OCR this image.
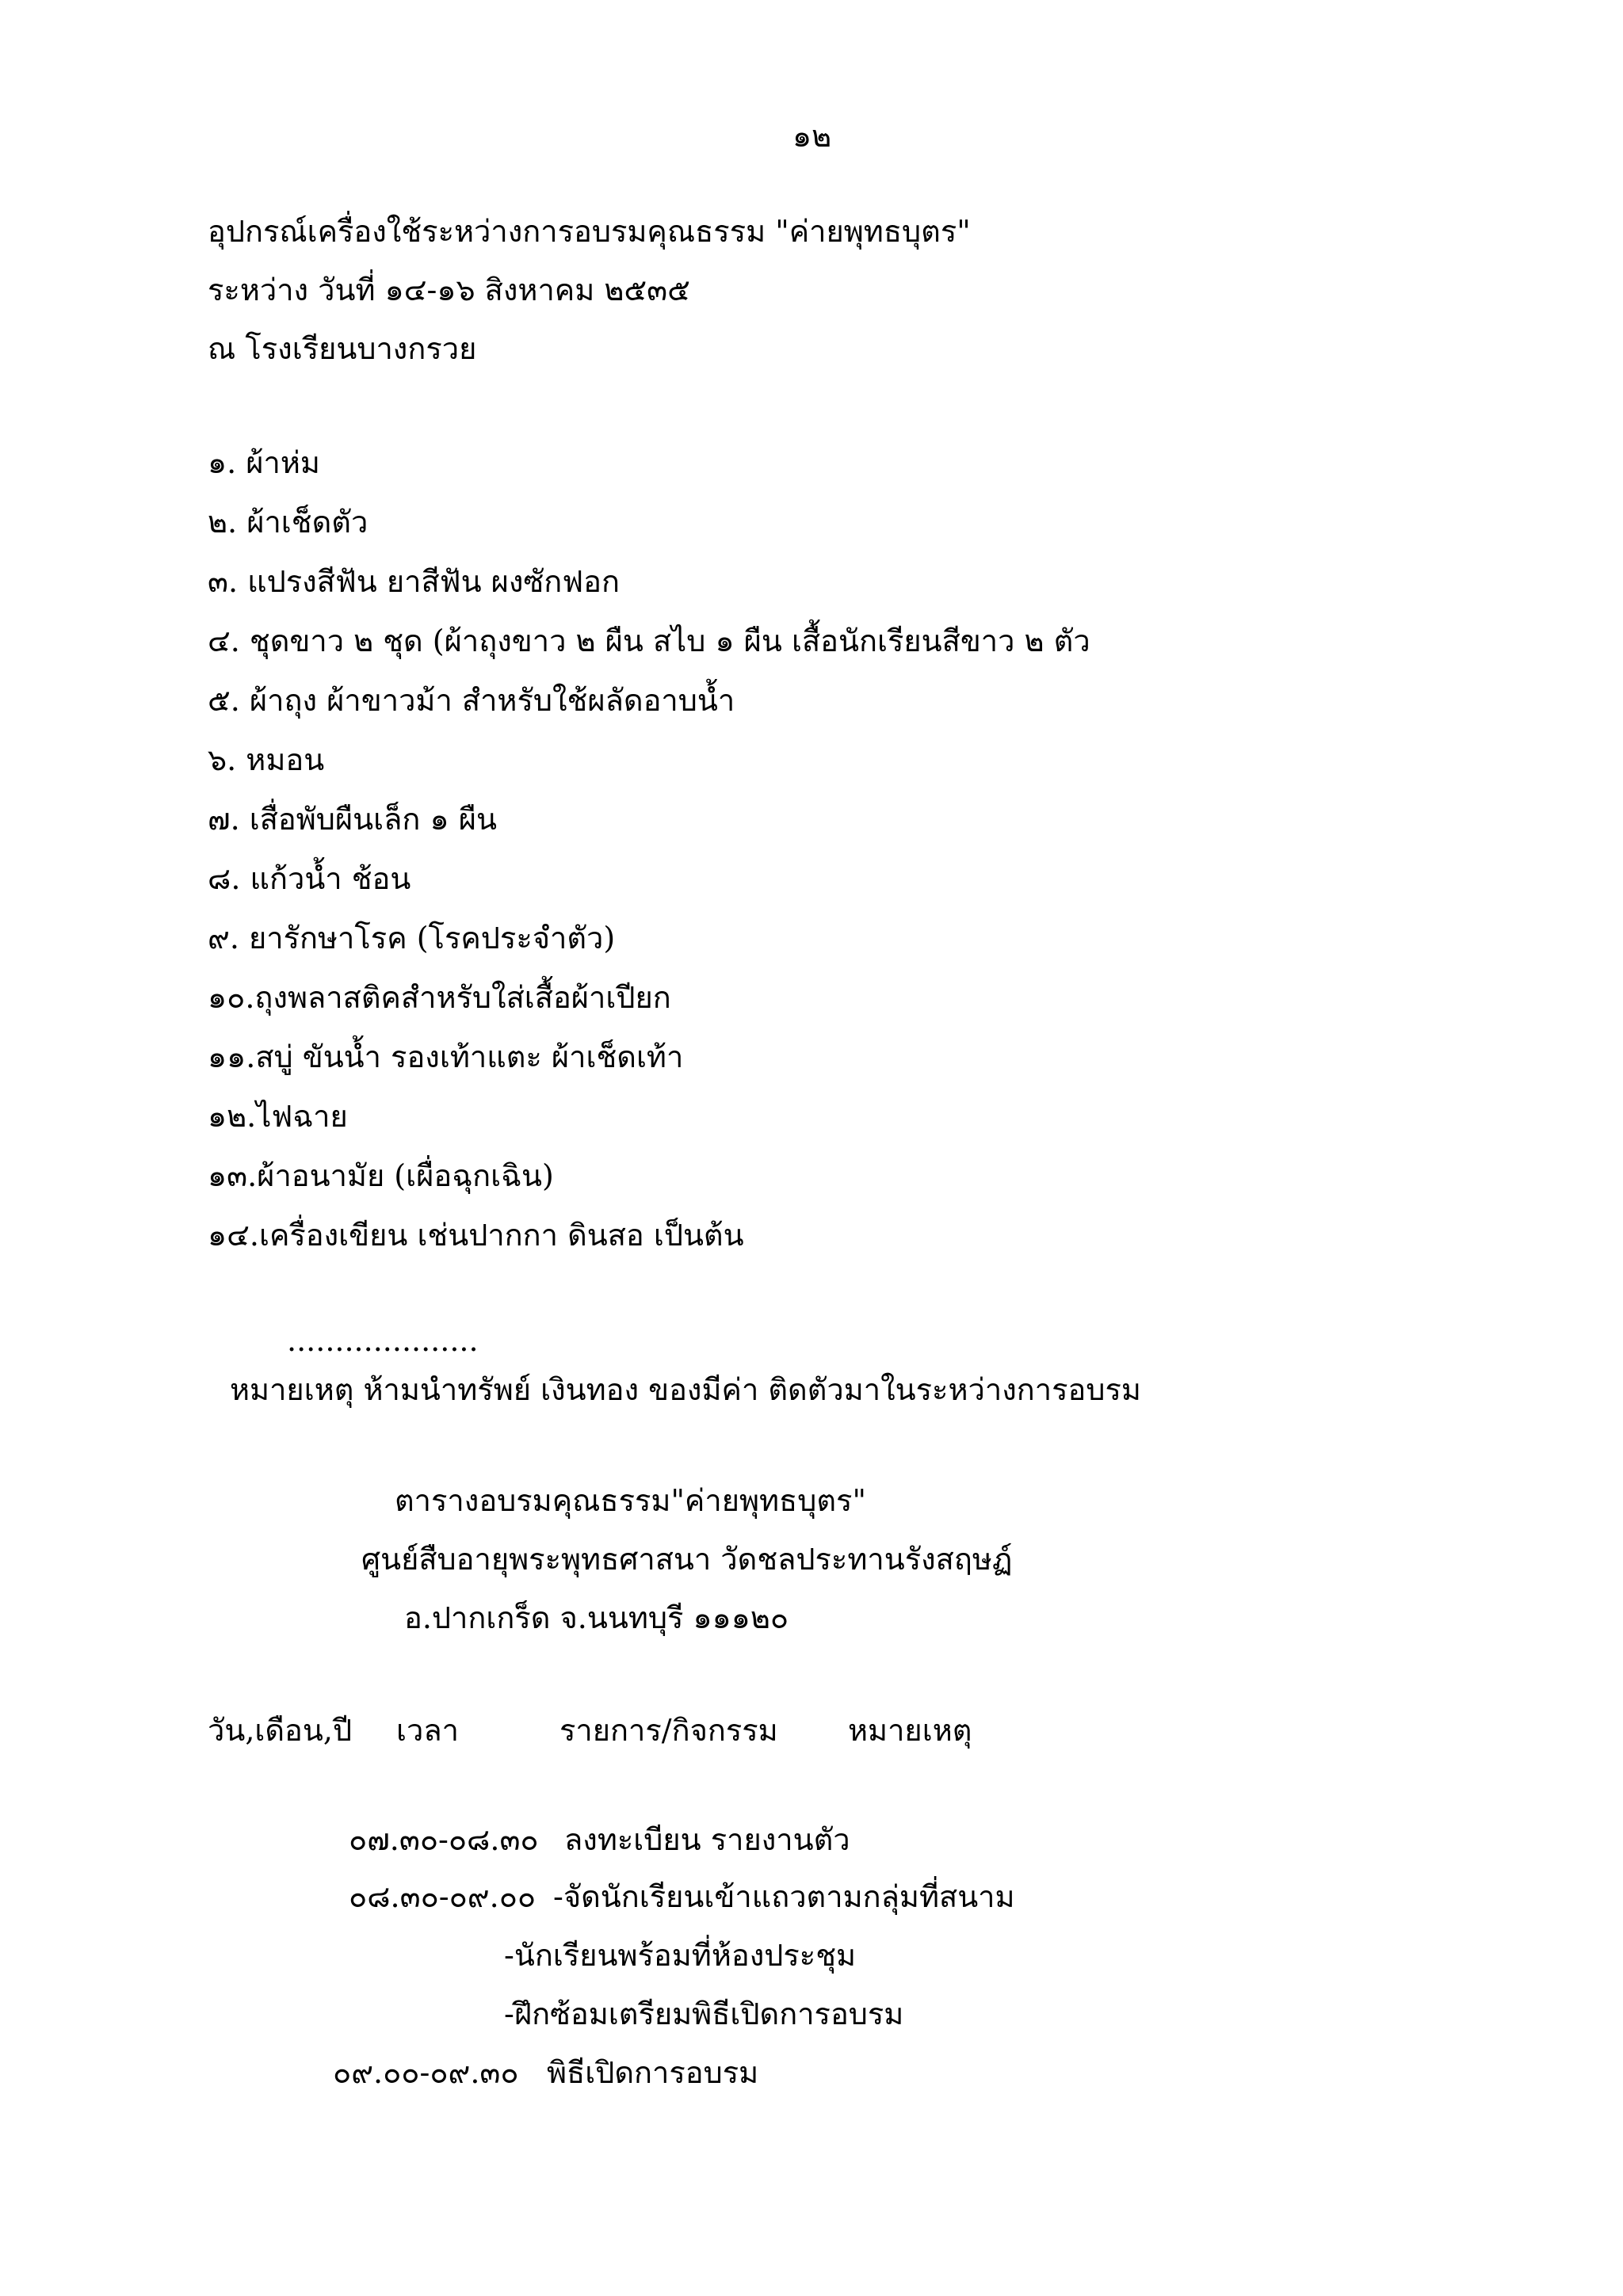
๑๒
อุปกรณ์เครื่องใช้ระหว่างการอบรมคุณธรรม "ค่ายพุทธบุตร"
ระหว่าง วันที่ ๑๔-๑๖ สิงหาคม ๒๕๓๕
ณ โรงเรียนบางกรวย
๑. ผ้าห่ม
๒. ผ้าเช็ดตัว
๓. แปรงสีฟัน ยาสีฟัน ผงซักฟอก
๔. ชุดขาว ๒ ชุด (ผ้าถุงขาว ๒ ผืน สไบ ๑ ผืน เสื้อนักเรียนสีขาว ๒ ตัว
๕. ผ้าถุง ผ้าขาวม้า สำหรับใช้ผลัดอาบน้ำ
๖. หมอน
๗. เสื่อพับผืนเล็ก ๑ ผืน
๘. แก้วน้ำ ช้อน
๙. ยารักษาโรค (โรคประจำตัว)
๑๐.ถุงพลาสติคสำหรับใส่เสื้อผ้าเปียก
๑๑.สบู่ ขันน้ำ รองเท้าแตะ ผ้าเช็ดเท้า
๑๒.ไฟฉาย
๑๓.ผ้าอนามัย (เผื่อฉุกเฉิน)
๑๔.เครื่องเขียน เช่นปากกา ดินสอ เป็นต้น
....................
หมายเหตุ ห้ามนำทรัพย์ เงินทอง ของมีค่า ติดตัวมาในระหว่างการอบรม
ตารางอบรมคุณธรรม"ค่ายพุทธบุตร"
ศูนย์สืบอายุพระพุทธศาสนา วัดชลประทานรังสฤษฏ์
อ.ปากเกร็ด จ.นนทบุรี ๑๑๑๒๐
วัน,เดือน,ปี เวลา	รายการ/กิจกรรม หมายเหตุ
๐๗.๓๐-๐๘.๓๐ ลงทะเบียน รายงานตัว
๐๘.๓๐-๐๙.๐๐ -จัดนักเรียนเข้าแถวตามกลุ่มที่สนาม
-นักเรียนพร้อมที่ห้องประชุม
-ฝึกซ้อมเตรียมพิธีเปิดการอบรม
๐๙.๐๐-๐๙.๓๐ พิธีเปิดการอบรม
